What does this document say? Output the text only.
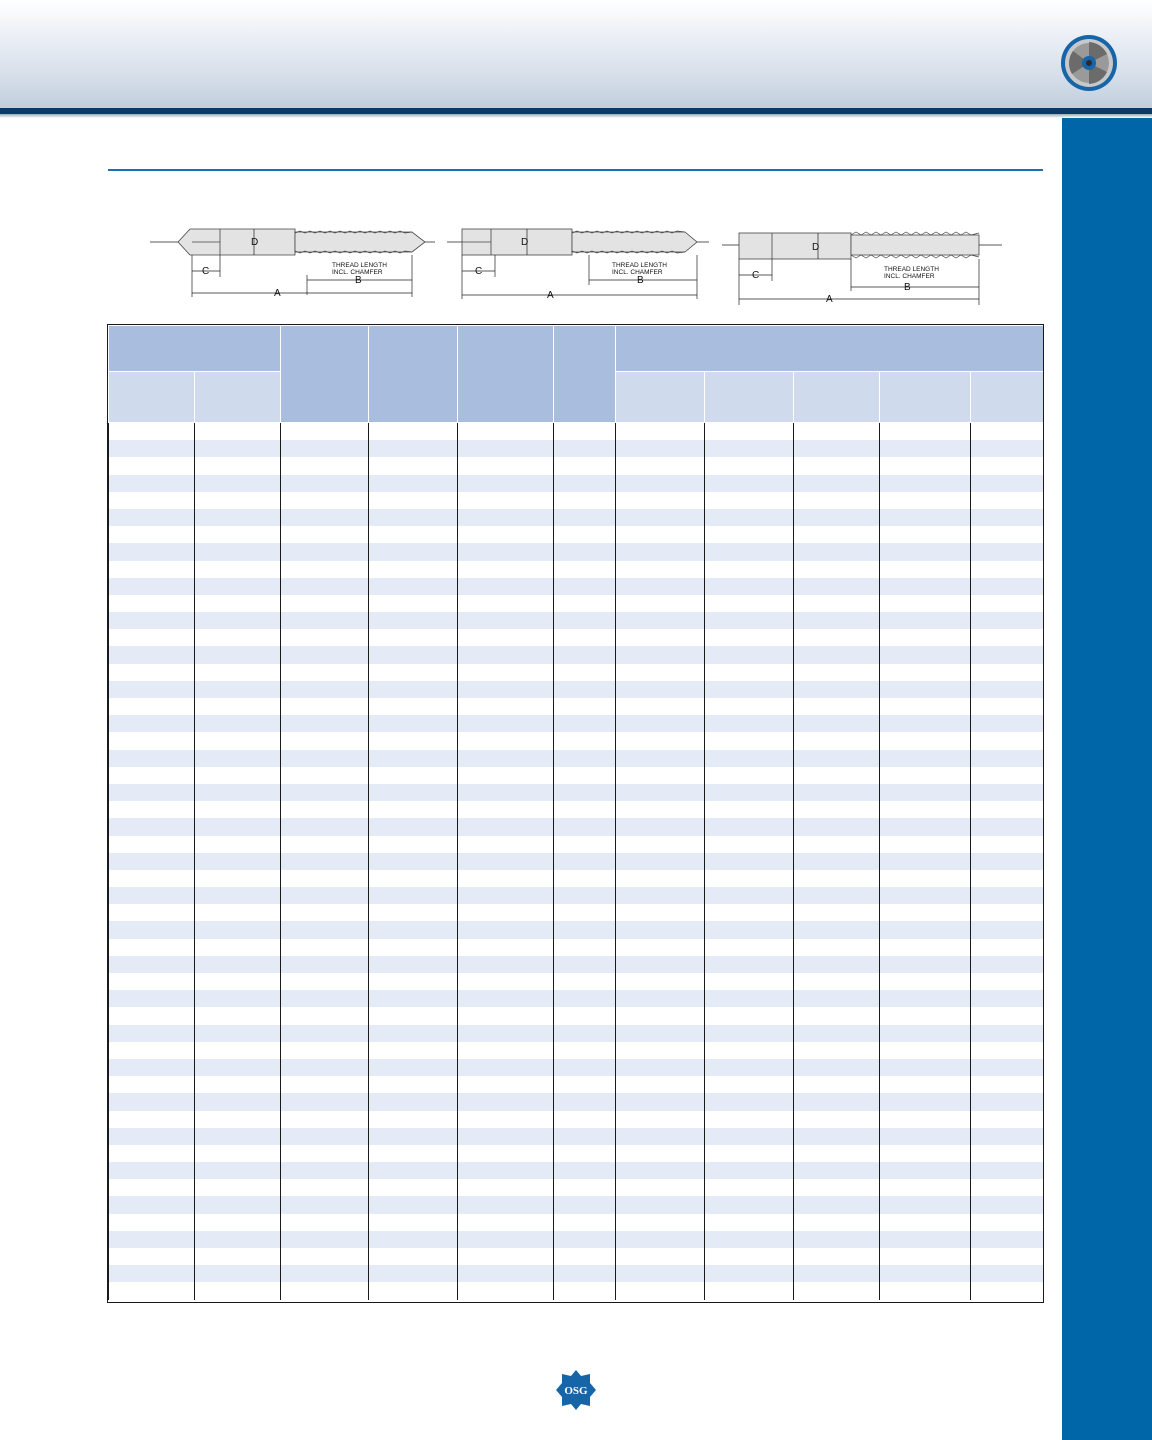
D
THREAD LENGTH
INCL. CHAMFER
B
C
A
D
THREAD LENGTH
INCL. CHAMFER
B
C
A
D
THREAD LENGTH
INCL. CHAMFER
B
C
A

OSG
